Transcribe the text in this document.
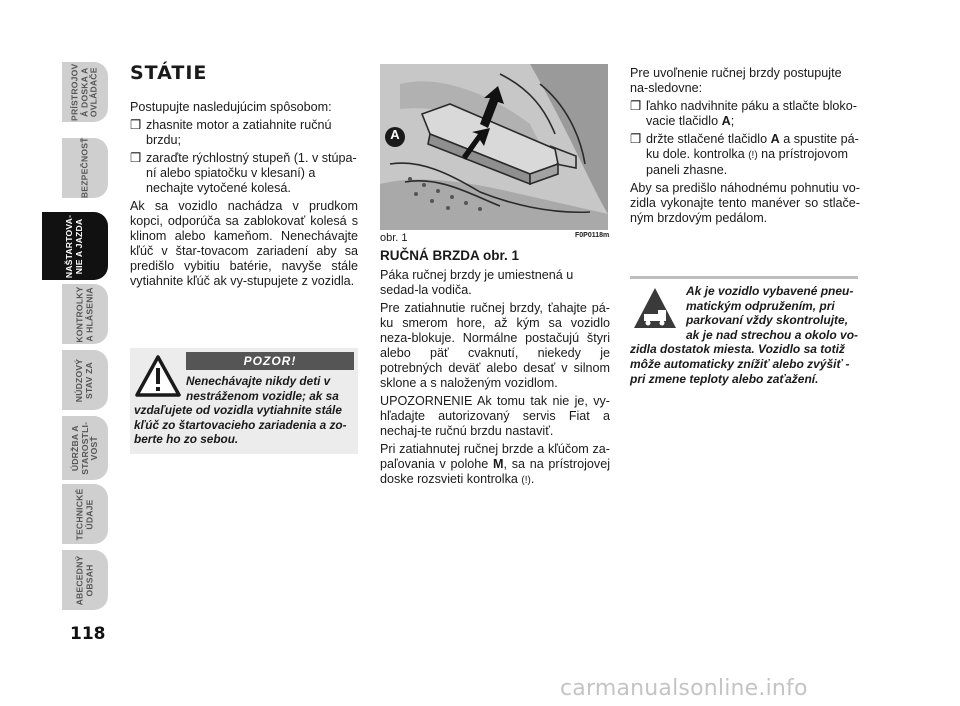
PRÍSTROJOV
Á DOSKA A
OVLÁDAČE
BEZPEČNOSŤ
NAŠTARTOVA-
NIE A JAZDA
KONTROLKY
A HLÁSENIA
NÚDZOVÝ
STAV ZA
ÚDRŽBA A
STAROSTLI-
VOSŤ
TECHNICKÉ
ÚDAJE
ABECEDNÝ
OBSAH
118
STÁTIE

Postupujte nasledujúcim spôsobom:

❒ zhasnite motor a zatiahnite ručnú brzdu;
❒ zaraďte rýchlostný stupeň (1. v stúpa-ní alebo spiatočku v klesaní) a nechajte vytočené kolesá.

Ak sa vozidlo nachádza v prudkom kopci, odporúča sa zablokovať kolesá s klinom alebo kameňom. Nenechávajte kľúč v štar-tovacom zariadení aby sa predišlo vybitiu batérie, navyše stále vytiahnite kľúč ak vy-stupujete z vozidla.

POZOR!
Nenechávajte nikdy deti v nestráženom vozidle; ak sa
vzdaľujete od vozidla vytiahnite stále kľúč zo štartovacieho zariadenia a zo-berte ho zo sebou.
A
obr. 1	F0P0118m
RUČNÁ BRZDA obr. 1

Páka ručnej brzdy je umiestnená u sedad-la vodiča.

Pre zatiahnutie ručnej brzdy, ťahajte pá-ku smerom hore, až kým sa vozidlo neza-blokuje. Normálne postačujú štyri alebo päť cvaknutí, niekedy je potrebných deväť alebo desať v silnom sklone a s naloženým vozidlom.

UPOZORNENIE Ak tomu tak nie je, vy-hľadajte autorizovaný servis Fiat a nechaj-te ručnú brzdu nastaviť.

Pri zatiahnutej ručnej brzde a kľúčom za-paľovania v polohe M, sa na prístrojovej doske rozsvieti kontrolka (!).

Pre uvoľnenie ručnej brzdy postupujte na-sledovne:

❒ ľahko nadvihnite páku a stlačte bloko-vacie tlačidlo A;
❒ držte stlačené tlačidlo A a spustite pá-ku dole. kontrolka (!) na prístrojovom paneli zhasne.

Aby sa predišlo náhodnému pohnutiu vo-zidla vykonajte tento manéver so stlače-ným brzdovým pedálom.

Ak je vozidlo vybavené pneu-matickým odpružením, pri parkovaní vždy skontrolujte, ak je nad strechou a okolo vo-
zidla dostatok miesta. Vozidlo sa totiž môže automaticky znížiť alebo zvýšiť - pri zmene teploty alebo zaťažení.
carmanualsonline.info
